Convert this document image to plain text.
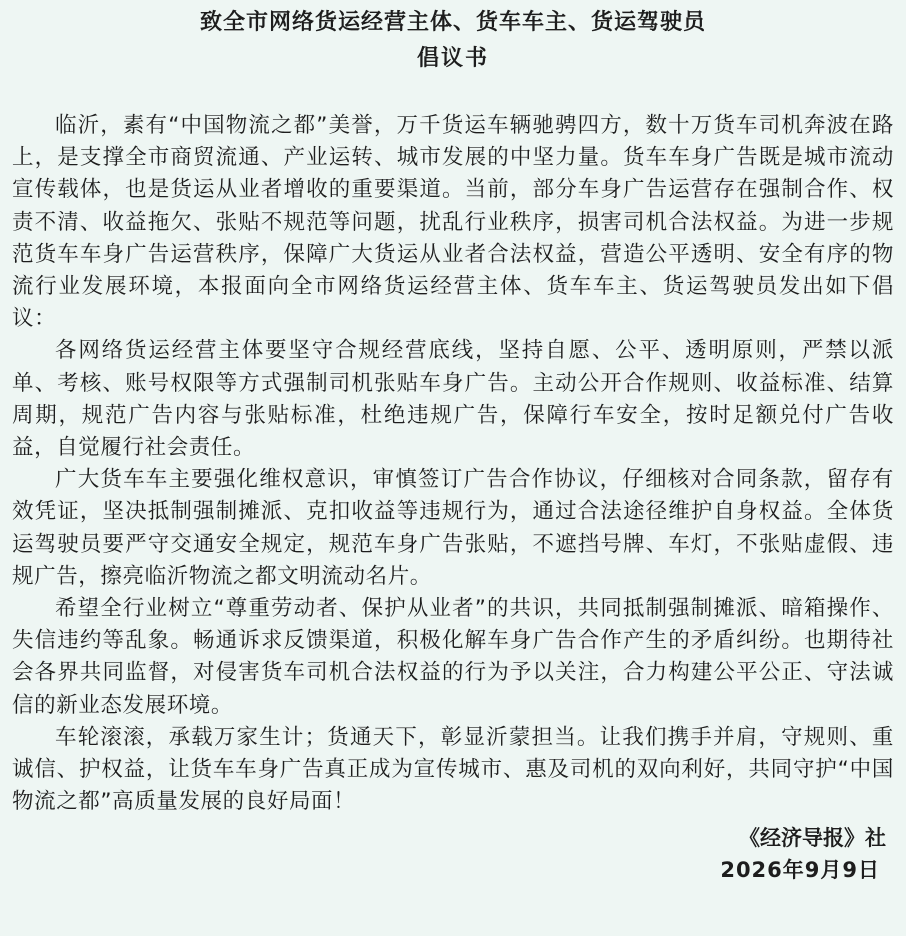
致全市网络货运经营主体、货车车主、货运驾驶员
倡议书

临沂，素有“中国物流之都”美誉，万千货运车辆驰骋四方，数十万货车司机奔波在路上，是支撑全市商贸流通、产业运转、城市发展的中坚力量。货车车身广告既是城市流动宣传载体，也是货运从业者增收的重要渠道。当前，部分车身广告运营存在强制合作、权责不清、收益拖欠、张贴不规范等问题，扰乱行业秩序，损害司机合法权益。为进一步规范货车车身广告运营秩序，保障广大货运从业者合法权益，营造公平透明、安全有序的物流行业发展环境，本报面向全市网络货运经营主体、货车车主、货运驾驶员发出如下倡议：

各网络货运经营主体要坚守合规经营底线，坚持自愿、公平、透明原则，严禁以派单、考核、账号权限等方式强制司机张贴车身广告。主动公开合作规则、收益标准、结算周期，规范广告内容与张贴标准，杜绝违规广告，保障行车安全，按时足额兑付广告收益，自觉履行社会责任。

广大货车车主要强化维权意识，审慎签订广告合作协议，仔细核对合同条款，留存有效凭证，坚决抵制强制摊派、克扣收益等违规行为，通过合法途径维护自身权益。全体货运驾驶员要严守交通安全规定，规范车身广告张贴，不遮挡号牌、车灯，不张贴虚假、违规广告，擦亮临沂物流之都文明流动名片。

希望全行业树立“尊重劳动者、保护从业者”的共识，共同抵制强制摊派、暗箱操作、失信违约等乱象。畅通诉求反馈渠道，积极化解车身广告合作产生的矛盾纠纷。也期待社会各界共同监督，对侵害货车司机合法权益的行为予以关注，合力构建公平公正、守法诚信的新业态发展环境。

车轮滚滚，承载万家生计；货通天下，彰显沂蒙担当。让我们携手并肩，守规则、重诚信、护权益，让货车车身广告真正成为宣传城市、惠及司机的双向利好，共同守护“中国物流之都”高质量发展的良好局面！

《经济导报》社
2026年9月9日
